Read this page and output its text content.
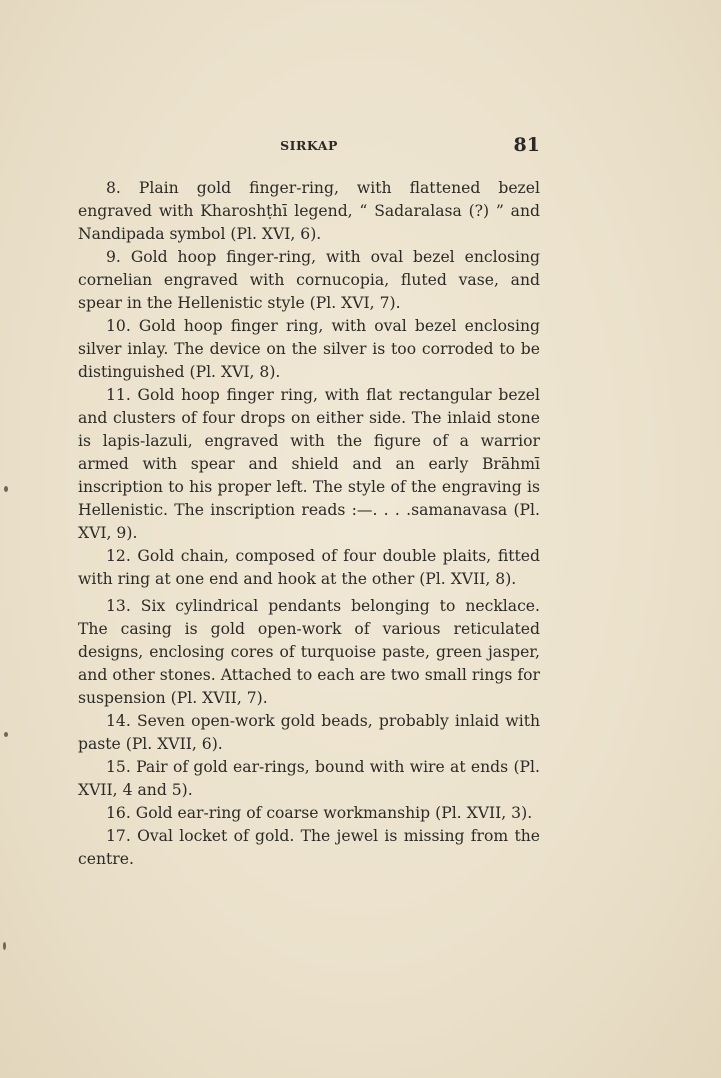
SIRKAP	81

8. Plain gold finger-ring, with flattened bezel engraved with Kharoshṭhī legend, “ Sadaralasa (?) ” and Nandipada symbol (Pl. XVI, 6).

9. Gold hoop finger-ring, with oval bezel enclosing cornelian engraved with cornucopia, fluted vase, and spear in the Hellenistic style (Pl. XVI, 7).

10. Gold hoop finger ring, with oval bezel enclosing silver inlay. The device on the silver is too corroded to be distinguished (Pl. XVI, 8).

11. Gold hoop finger ring, with flat rectangular bezel and clusters of four drops on either side. The inlaid stone is lapis-lazuli, engraved with the figure of a warrior armed with spear and shield and an early Brāhmī inscription to his proper left. The style of the engraving is Hellenistic. The inscription reads :—. . . .samanavasa (Pl. XVI, 9).

12. Gold chain, composed of four double plaits, fitted with ring at one end and hook at the other (Pl. XVII, 8).

13. Six cylindrical pendants belonging to necklace. The casing is gold open-work of various reticulated designs, enclosing cores of turquoise paste, green jasper, and other stones. Attached to each are two small rings for suspension (Pl. XVII, 7).

14. Seven open-work gold beads, probably inlaid with paste (Pl. XVII, 6).

15. Pair of gold ear-rings, bound with wire at ends (Pl. XVII, 4 and 5).

16. Gold ear-ring of coarse workmanship (Pl. XVII, 3).

17. Oval locket of gold. The jewel is missing from the centre.
